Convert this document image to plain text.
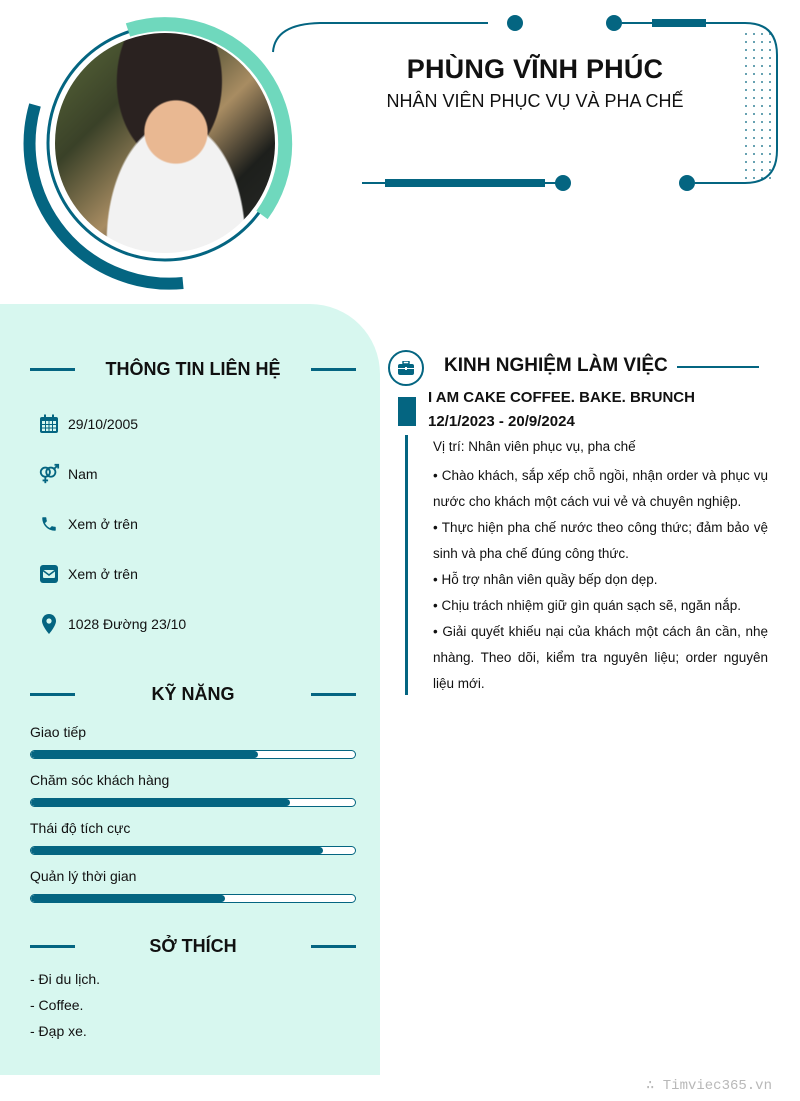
PHÙNG VĨNH PHÚC
NHÂN VIÊN PHỤC VỤ VÀ PHA CHẾ
THÔNG TIN LIÊN HỆ
29/10/2005
Nam
Xem ở trên
Xem ở trên
1028 Đường 23/10
KỸ NĂNG
Giao tiếp
Chăm sóc khách hàng
Thái độ tích cực
Quản lý thời gian
SỞ THÍCH
- Đi du lịch.
- Coffee.
- Đạp xe.
KINH NGHIỆM LÀM VIỆC
I AM CAKE COFFEE. BAKE. BRUNCH
12/1/2023 - 20/9/2024
Vị trí: Nhân viên phục vụ, pha chế

• Chào khách, sắp xếp chỗ ngồi, nhận order và phục vụ nước cho khách một cách vui vẻ và chuyên nghiệp.

• Thực hiện pha chế nước theo công thức; đảm bảo vệ sinh và pha chế đúng công thức.

• Hỗ trợ nhân viên quầy bếp dọn dẹp.

• Chịu trách nhiệm giữ gìn quán sạch sẽ, ngăn nắp.

• Giải quyết khiếu nại của khách một cách ân cần, nhẹ nhàng. Theo dõi, kiểm tra nguyên liệu; order nguyên liệu mới.

∴ Timviec365.vn
